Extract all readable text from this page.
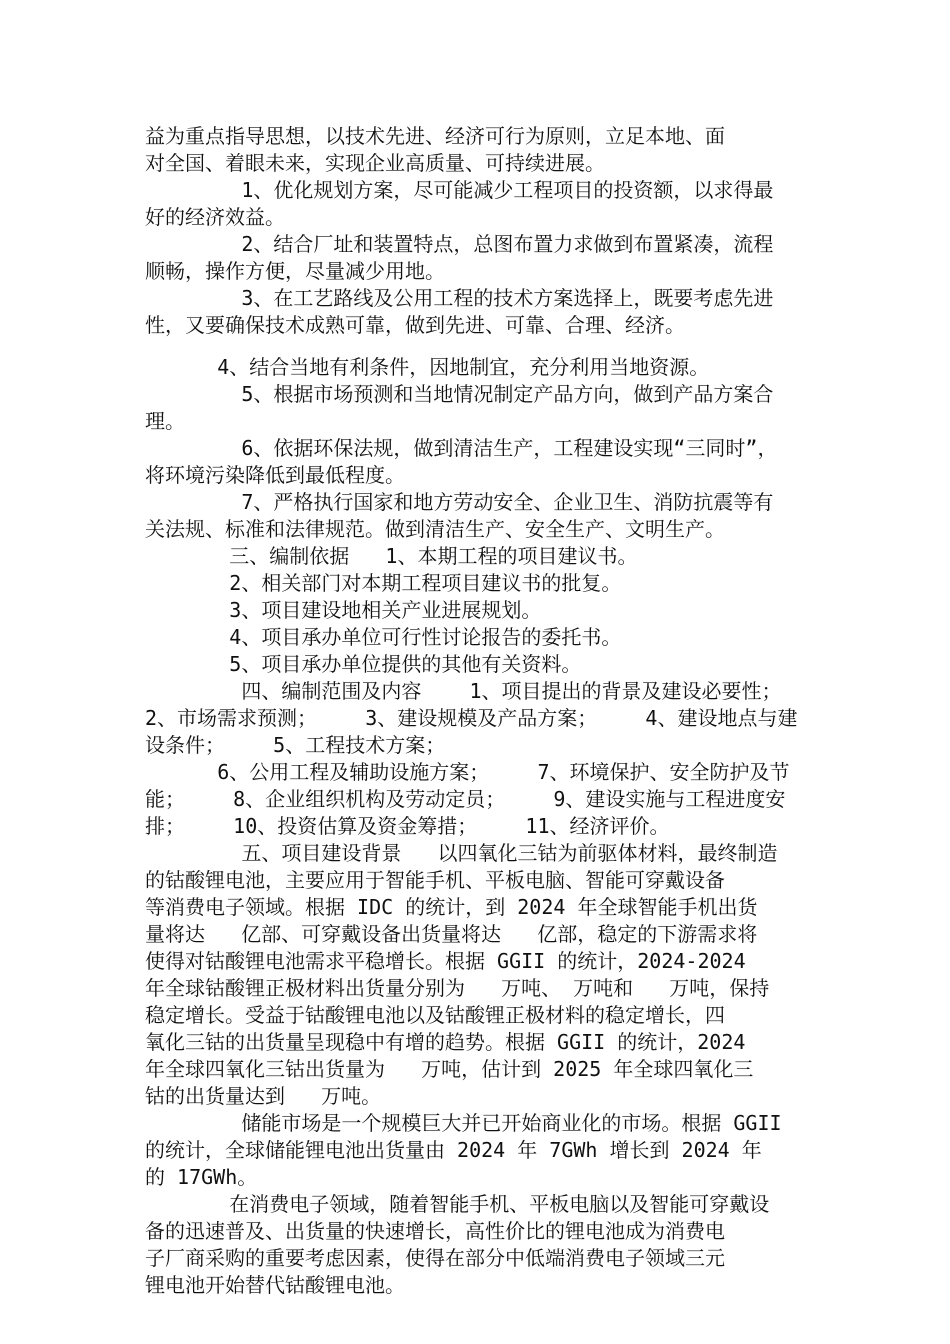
益为重点指导思想，以技术先进、经济可行为原则，立足本地、面
对全国、着眼未来，实现企业高质量、可持续进展。
1、优化规划方案，尽可能减少工程项目的投资额，以求得最
好的经济效益。
2、结合厂址和装置特点，总图布置力求做到布置紧凑，流程
顺畅，操作方便，尽量减少用地。
3、在工艺路线及公用工程的技术方案选择上，既要考虑先进
性，又要确保技术成熟可靠，做到先进、可靠、合理、经济。
4、结合当地有利条件，因地制宜，充分利用当地资源。
5、根据市场预测和当地情况制定产品方向，做到产品方案合
理。
6、依据环保法规，做到清洁生产，工程建设实现“三同时”，
将环境污染降低到最低程度。
7、严格执行国家和地方劳动安全、企业卫生、消防抗震等有
关法规、标准和法律规范。做到清洁生产、安全生产、文明生产。
三、编制依据   1、本期工程的项目建议书。
2、相关部门对本期工程项目建议书的批复。
3、项目建设地相关产业进展规划。
4、项目承办单位可行性讨论报告的委托书。
5、项目承办单位提供的其他有关资料。
四、编制范围及内容    1、项目提出的背景及建设必要性；
2、市场需求预测；    3、建设规模及产品方案；    4、建设地点与建
设条件；    5、工程技术方案；
6、公用工程及辅助设施方案；    7、环境保护、安全防护及节
能；    8、企业组织机构及劳动定员；    9、建设实施与工程进度安
排；    10、投资估算及资金筹措；    11、经济评价。
五、项目建设背景   以四氧化三钴为前驱体材料，最终制造
的钴酸锂电池，主要应用于智能手机、平板电脑、智能可穿戴设备
等消费电子领域。根据 IDC 的统计，到 2024 年全球智能手机出货
量将达   亿部、可穿戴设备出货量将达   亿部，稳定的下游需求将
使得对钴酸锂电池需求平稳增长。根据 GGII 的统计，2024-2024
年全球钴酸锂正极材料出货量分别为   万吨、 万吨和   万吨，保持
稳定增长。受益于钴酸锂电池以及钴酸锂正极材料的稳定增长，四
氧化三钴的出货量呈现稳中有增的趋势。根据 GGII 的统计，2024
年全球四氧化三钴出货量为   万吨，估计到 2025 年全球四氧化三
钴的出货量达到   万吨。
储能市场是一个规模巨大并已开始商业化的市场。根据 GGII
的统计，全球储能锂电池出货量由 2024 年 7GWh 增长到 2024 年
的 17GWh。
在消费电子领域，随着智能手机、平板电脑以及智能可穿戴设
备的迅速普及、出货量的快速增长，高性价比的锂电池成为消费电
子厂商采购的重要考虑因素，使得在部分中低端消费电子领域三元
锂电池开始替代钴酸锂电池。
